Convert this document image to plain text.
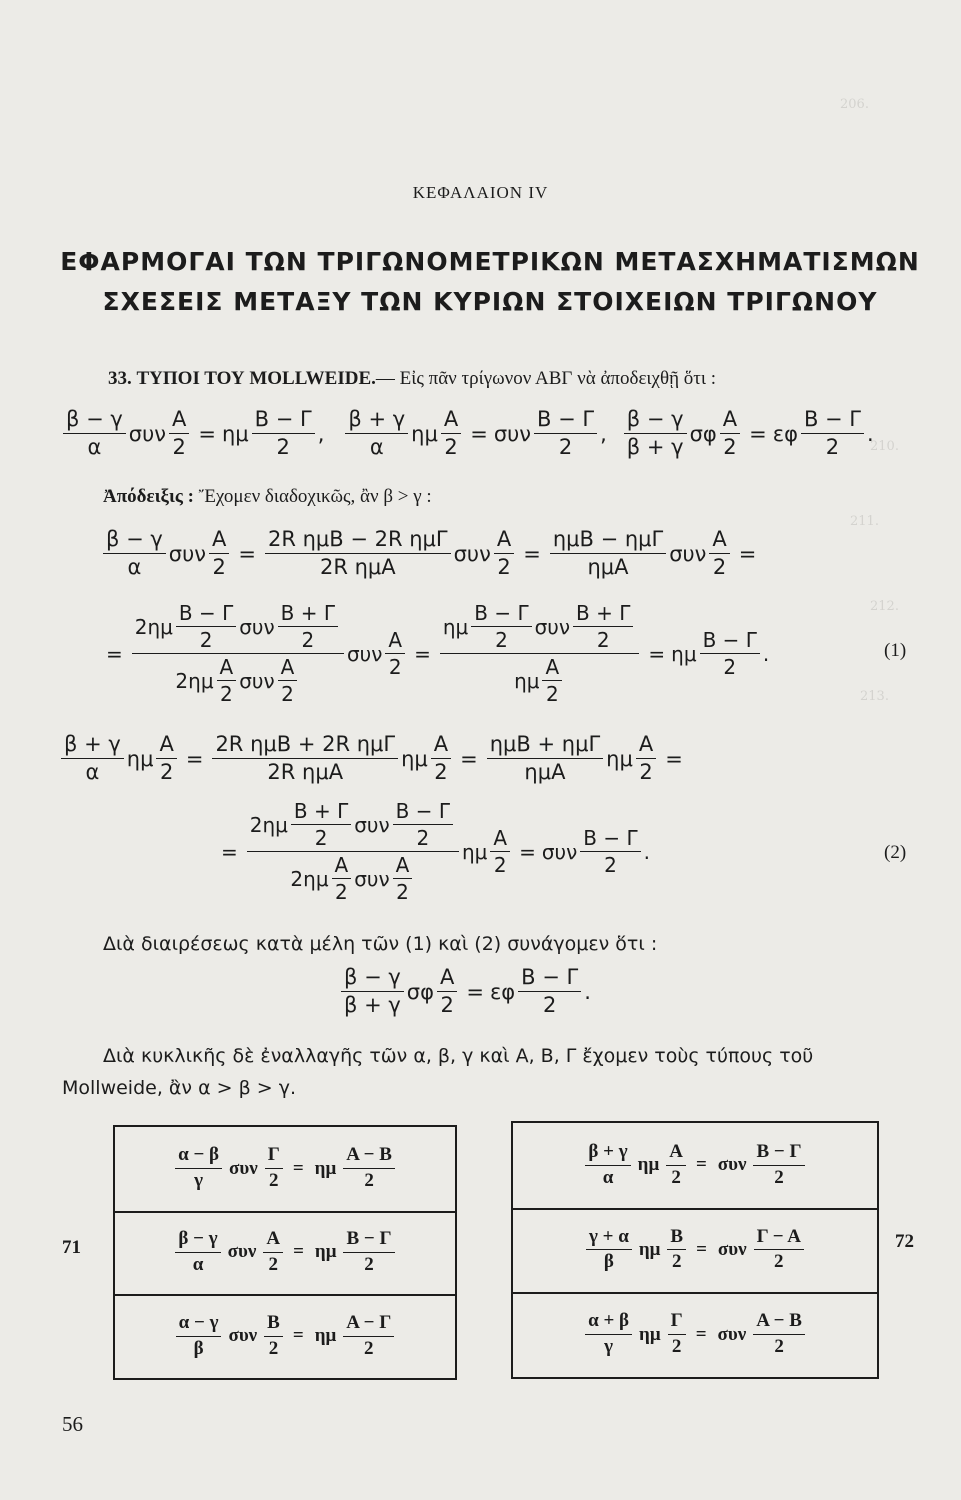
206.
210.
211.
212.
213.
ΚΕΦΑΛΑΙΟΝ IV
ΕΦΑΡΜΟΓΑΙ ΤΩΝ ΤΡΙΓΩΝΟΜΕΤΡΙΚΩΝ ΜΕΤΑΣΧΗΜΑΤΙΣΜΩΝ
ΣΧΕΣΕΙΣ ΜΕΤΑΞΥ ΤΩΝ ΚΥΡΙΩΝ ΣΤΟΙΧΕΙΩΝ ΤΡΙΓΩΝΟΥ
33. ΤΥΠΟΙ ΤΟΥ MOLLWEIDE.— Εἰς πᾶν τρίγωνον ΑΒΓ νὰ ἀποδειχθῇ ὅτι :
$\frac{\beta - \gamma}{\alpha}$ συν $\frac{A}{2} = \eta\mu \frac{B - \Gamma}{2}$ , $\frac{\beta + \gamma}{\alpha}$ ημ $\frac{A}{2} = \sigma\upsilon\nu \frac{B - \Gamma}{2}$ , $\frac{\beta - \gamma}{\beta + \gamma}$ σφ $\frac{A}{2} = \varepsilon\varphi \frac{B - \Gamma}{2}$ .
Ἀπόδειξις : Ἔχομεν διαδοχικῶς, ἂν β > γ :
$\frac{\beta - \gamma}{\alpha}$ συν $\frac{A}{2} = \frac{\text{2R ημΒ − 2R ημΓ}}{\text{2R ημΑ}}$ συν $\frac{A}{2} = \frac{\text{ημΒ − ημΓ}}{\text{ημΑ}}$ συν $\frac{A}{2}$ =
= $\frac{2\eta\mu \frac{B - \Gamma}{2} \sigma\upsilon\nu \frac{B + \Gamma}{2}}{2\eta\mu \frac{A}{2} \sigma\upsilon\nu \frac{A}{2}}$ συν $\frac{A}{2} = \frac{\eta\mu \frac{B - \Gamma}{2} \sigma\upsilon\nu \frac{B + \Gamma}{2}}{\eta\mu \frac{A}{2}} = \eta\mu \frac{B - \Gamma}{2}$ .	(1)
$\frac{\beta + \gamma}{\alpha}$ ημ $\frac{A}{2} = \frac{\text{2R ημΒ + 2R ημΓ}}{\text{2R ημΑ}}$ ημ $\frac{A}{2} = \frac{\text{ημΒ + ημΓ}}{\text{ημΑ}}$ ημ $\frac{A}{2}$ =
= $\frac{2\eta\mu \frac{B + \Gamma}{2} \sigma\upsilon\nu \frac{B - \Gamma}{2}}{2\eta\mu \frac{A}{2} \sigma\upsilon\nu \frac{A}{2}}$ ημ $\frac{A}{2} = \sigma\upsilon\nu \frac{B - \Gamma}{2}$ .	(2)
Διὰ διαιρέσεως κατὰ μέλη τῶν (1) καὶ (2) συνάγομεν ὅτι :
$\frac{\beta - \gamma}{\beta + \gamma}$ σφ $\frac{A}{2} = \varepsilon\varphi \frac{B - \Gamma}{2}$ .
Διὰ κυκλικῆς δὲ ἐναλλαγῆς τῶν α, β, γ καὶ Α, Β, Γ ἔχομεν τοὺς τύπους τοῦ
Mollweide, ἂν α > β > γ.
71	72
$\frac{\alpha - \beta}{\gamma}$ συν $\frac{\Gamma}{2} = \eta\mu \frac{A - B}{2}$
$\frac{\beta - \gamma}{\alpha}$ συν $\frac{A}{2} = \eta\mu \frac{B - \Gamma}{2}$
$\frac{\alpha - \gamma}{\beta}$ συν $\frac{B}{2} = \eta\mu \frac{A - \Gamma}{2}$
$\frac{\beta + \gamma}{\alpha}$ ημ $\frac{A}{2} = \sigma\upsilon\nu \frac{B - \Gamma}{2}$
$\frac{\gamma + \alpha}{\beta}$ ημ $\frac{B}{2} = \sigma\upsilon\nu \frac{\Gamma - A}{2}$
$\frac{\alpha + \beta}{\gamma}$ ημ $\frac{\Gamma}{2} = \sigma\upsilon\nu \frac{A - B}{2}$
56
